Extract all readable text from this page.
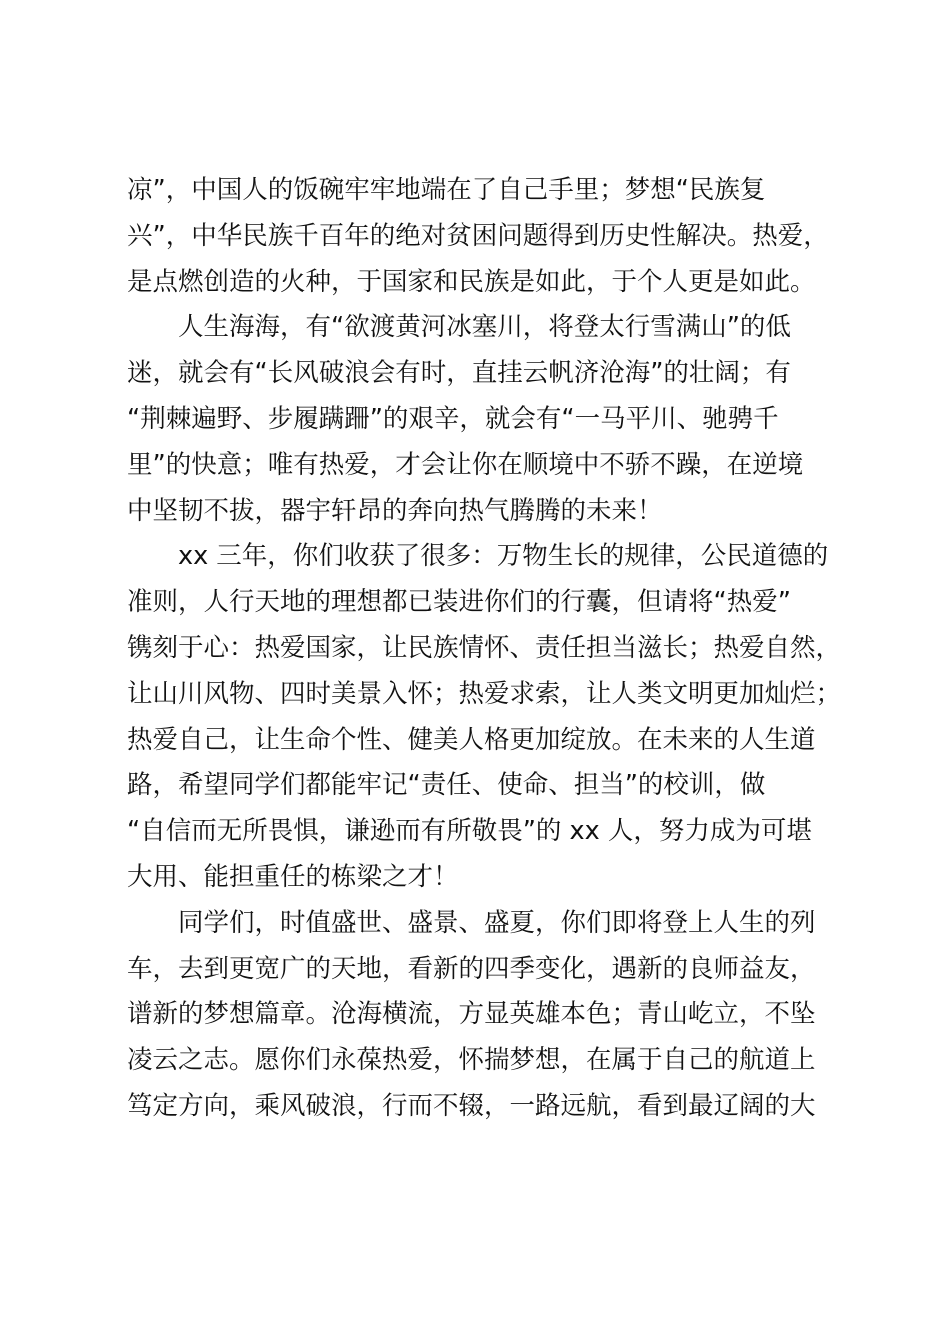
凉”，中国人的饭碗牢牢地端在了自己手里；梦想“民族复
兴”，中华民族千百年的绝对贫困问题得到历史性解决。热爱，
是点燃创造的火种，于国家和民族是如此，于个人更是如此。
　　人生海海，有“欲渡黄河冰塞川，将登太行雪满山”的低
迷，就会有“长风破浪会有时，直挂云帆济沧海”的壮阔；有
“荆棘遍野、步履蹒跚”的艰辛，就会有“一马平川、驰骋千
里”的快意；唯有热爱，才会让你在顺境中不骄不躁，在逆境
中坚韧不拔，器宇轩昂的奔向热气腾腾的未来！
　　xx 三年，你们收获了很多：万物生长的规律，公民道德的
准则，人行天地的理想都已装进你们的行囊，但请将“热爱”
镌刻于心：热爱国家，让民族情怀、责任担当滋长；热爱自然，
让山川风物、四时美景入怀；热爱求索，让人类文明更加灿烂；
热爱自己，让生命个性、健美人格更加绽放。在未来的人生道
路，希望同学们都能牢记“责任、使命、担当”的校训，做
“自信而无所畏惧，谦逊而有所敬畏”的 xx 人，努力成为可堪
大用、能担重任的栋梁之才！
　　同学们，时值盛世、盛景、盛夏，你们即将登上人生的列
车，去到更宽广的天地，看新的四季变化，遇新的良师益友，
谱新的梦想篇章。沧海横流，方显英雄本色；青山屹立，不坠
凌云之志。愿你们永葆热爱，怀揣梦想，在属于自己的航道上
笃定方向，乘风破浪，行而不辍，一路远航，看到最辽阔的大
